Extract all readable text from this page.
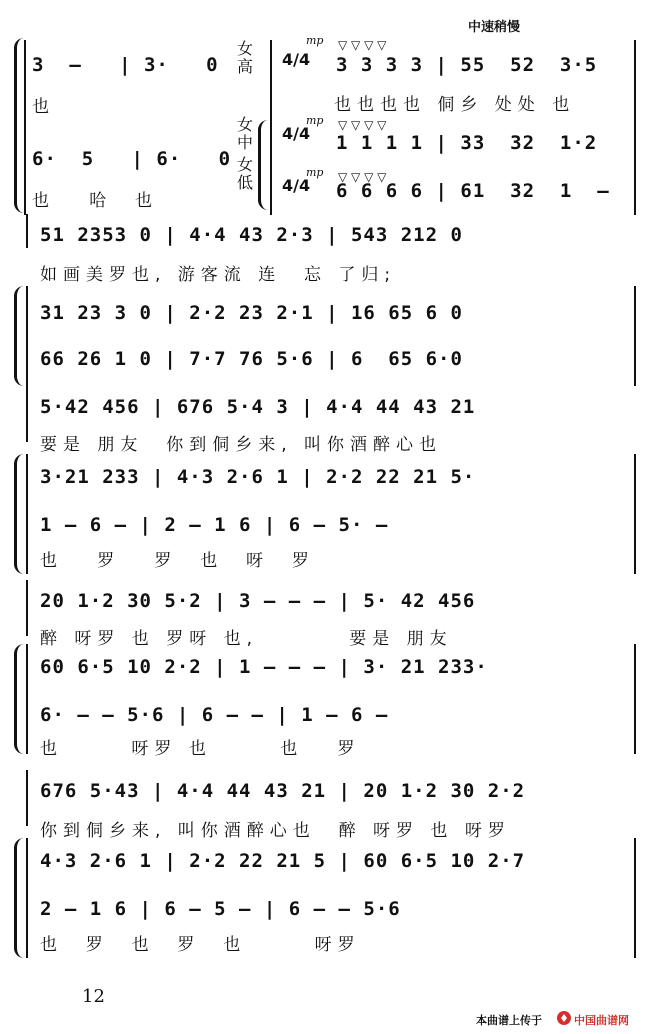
3  —   | 3·   0
也
6·  5   | 6·   0
也   哈  也
女高
女中
女低
中速稍慢
4/4
mp ▽ ▽ ▽ ▽
3 3 3 3 | 55  52  3·5
也也也也 侗乡 处处 也
4/4
mp ▽ ▽ ▽ ▽
1 1 1 1 | 33  32  1·2
4/4
mp ▽ ▽ ▽ ▽
6 6 6 6 | 61  32  1  —
51 2353 0 | 4·4 43 2·3 | 543 212 0
如画美罗也, 游客流 连  忘 了归;
31 23 3 0 | 2·2 23 2·1 | 16 65 6 0
66 26 1 0 | 7·7 76 5·6 | 6  65 6·0
5·42 456 | 676 5·4 3 | 4·4 44 43 21
要是 朋友  你到侗乡来, 叫你酒醉心也
3·21 233 | 4·3 2·6 1 | 2·2 22 21 5·
1 — 6 — | 2 — 1 6 | 6 — 5· —
也   罗   罗  也  呀  罗
20 1·2 30 5·2 | 3 — — — | 5· 42 456
醉 呀罗 也 罗呀 也,        要是 朋友
60 6·5 10 2·2 | 1 — — — | 3· 21 233·
6· — — 5·6 | 6 — — | 1 — 6 —
也      呀罗 也      也   罗
676 5·43 | 4·4 44 43 21 | 20 1·2 30 2·2
你到侗乡来, 叫你酒醉心也  醉 呀罗 也 呀罗
4·3 2·6 1 | 2·2 22 21 5 | 60 6·5 10 2·7
2 — 1 6 | 6 — 5 — | 6 — — 5·6
也  罗  也  罗  也      呀罗
12
本曲谱上传于	中国曲谱网
